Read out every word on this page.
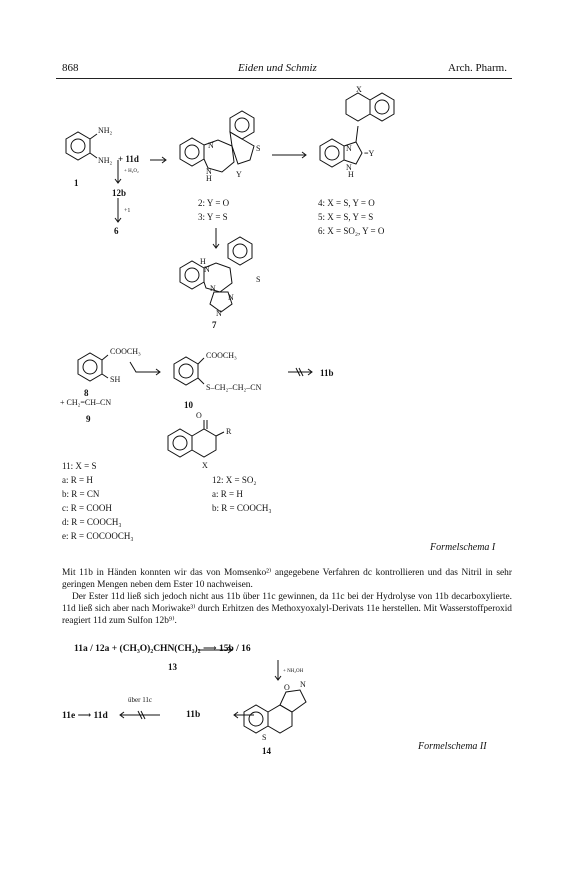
868	Eiden und Schmiz	Arch. Pharm.
NH₂
NH₂
N
N
H	Y
S	N
N
H
=Y
X
H
N
S
N
N
N
N
O
S
O
R
X
+ H₂O₂
+1
+ NH₂OH
COOCH₃
SH
COOCH₃
S–CH₂–CH₂–CN
+ CH₂=CH–CN
1
+ 11d
12b
6
7
8
9
10
11b
2: Y = O
3: Y = S
4: X = S, Y = O
5: X = S, Y = S
6: X = SO₂, Y = O
11: X = S
a: R = H
b: R = CN
c: R = COOH
d: R = COOCH₃
e: R = COCOOCH₃
12: X = SO₂
a: R = H
b: R = COOCH₃
Formelschema I
Mit 11b in Händen konnten wir das von Momsenko²⁾ angegebene Verfahren dc kontrollieren und das Nitril in sehr geringen Mengen neben dem Ester 10 nachweisen.
Der Ester 11d ließ sich jedoch nicht aus 11b über 11c gewinnen, da 11c bei der Hydrolyse von 11b decarboxylierte. 11d ließ sich aber nach Moriwake³⁾ durch Erhitzen des Methoxyoxalyl-Derivats 11e herstellen. Mit Wasserstoffperoxid reagiert 11d zum Sulfon 12b⁹⁾.
11a / 12a + (CH₃O)₂CHN(CH₃)₂ ⟶ 15b / 16
13
11e ⟶ 11d
über 11c
11b
14	Formelschema II
